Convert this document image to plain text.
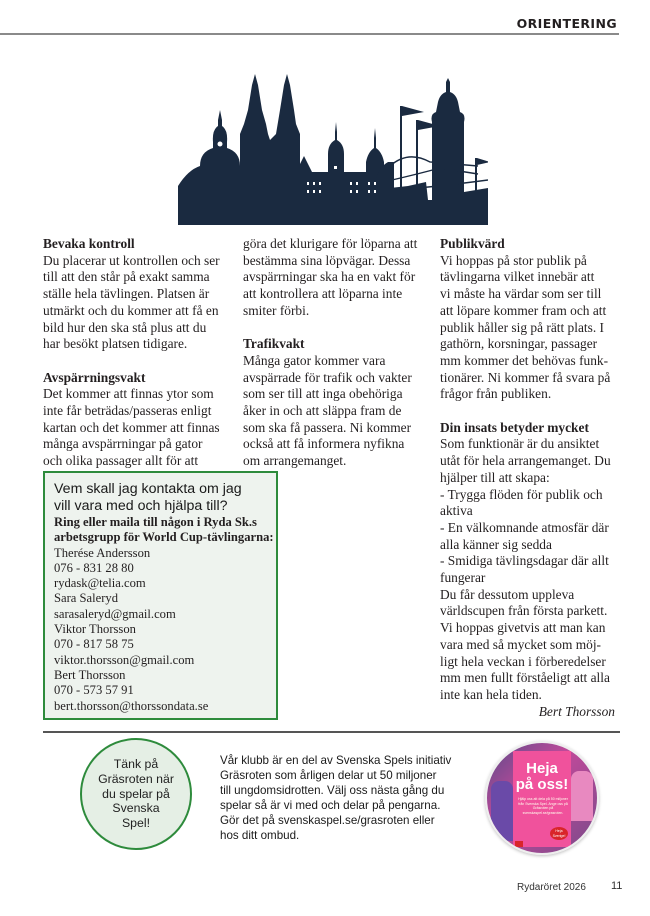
ORIENTERING
Bevaka kontroll

Du placerar ut kontrollen och ser

till att den står på exakt samma

ställe hela tävlingen. Platsen är

utmärkt och du kommer att få en

bild hur den ska stå plus att du

har besökt platsen tidigare.

Avspärrningsvakt

Det kommer att finnas ytor som

inte får beträdas/passeras enligt

kartan och det kommer att finnas

många avspärrningar på gator

och olika passager allt för att

göra det klurigare för löparna att

bestämma sina löpvägar. Dessa

avspärrningar ska ha en vakt för

att kontrollera att löparna inte

smiter förbi.

Trafikvakt

Många gator kommer vara

avspärrade för trafik och vakter

som ser till att inga obehöriga

åker in och att släppa fram de

som ska få passera. Ni kommer

också att få informera nyfikna

om arrangemanget.

Publikvärd

Vi hoppas på stor publik på

tävlingarna vilket innebär att

vi måste ha värdar som ser till

att löpare kommer fram och att

publik håller sig på rätt plats. I

gathörn, korsningar, passager

mm kommer det behövas funk-

tionärer. Ni kommer få svara på

frågor från publiken.

Din insats betyder mycket

Som funktionär är du ansiktet

utåt för hela arrangemanget. Du

hjälper till att skapa:

- Trygga flöden för publik och

aktiva

- En välkomnande atmosfär där

alla känner sig sedda

- Smidiga tävlingsdagar där allt

fungerar

Du får dessutom uppleva

världscupen från första parkett.

Vi hoppas givetvis att man kan

vara med så mycket som möj-

ligt hela veckan i förberedelser

mm men fullt förståeligt att alla

inte kan hela tiden.

Bert Thorsson

Vem skall jag kontakta om jag

vill vara med och hjälpa till?

Ring eller maila till någon i Ryda Sk.s

arbetsgrupp för World Cup-tävlingarna:

Therése Andersson

076 - 831 28 80

rydask@telia.com

Sara Saleryd

sarasaleryd@gmail.com

Viktor Thorsson

070 - 817 58 75

viktor.thorsson@gmail.com

Bert Thorsson

070 - 573 57 91

bert.thorsson@thorssondata.se

Tänk på
Gräsroten när
du spelar på
Svenska
Spel!
Vår klubb är en del av Svenska Spels initiativ
Gräsroten som årligen delar ut 50 miljoner
till ungdomsidrotten. Välj oss nästa gång du
spelar så är vi med och delar på pengarna.
Gör det på svenskaspel.se/grasroten eller
hos ditt ombud.
Heja
på oss!
Hjälp oss att dela på 50 miljoner från Svenska Spel. Ange oss på Gräsroten på svenskaspel.se/grasroten.
Heja Sverige!
Rydaröret 2026 11
